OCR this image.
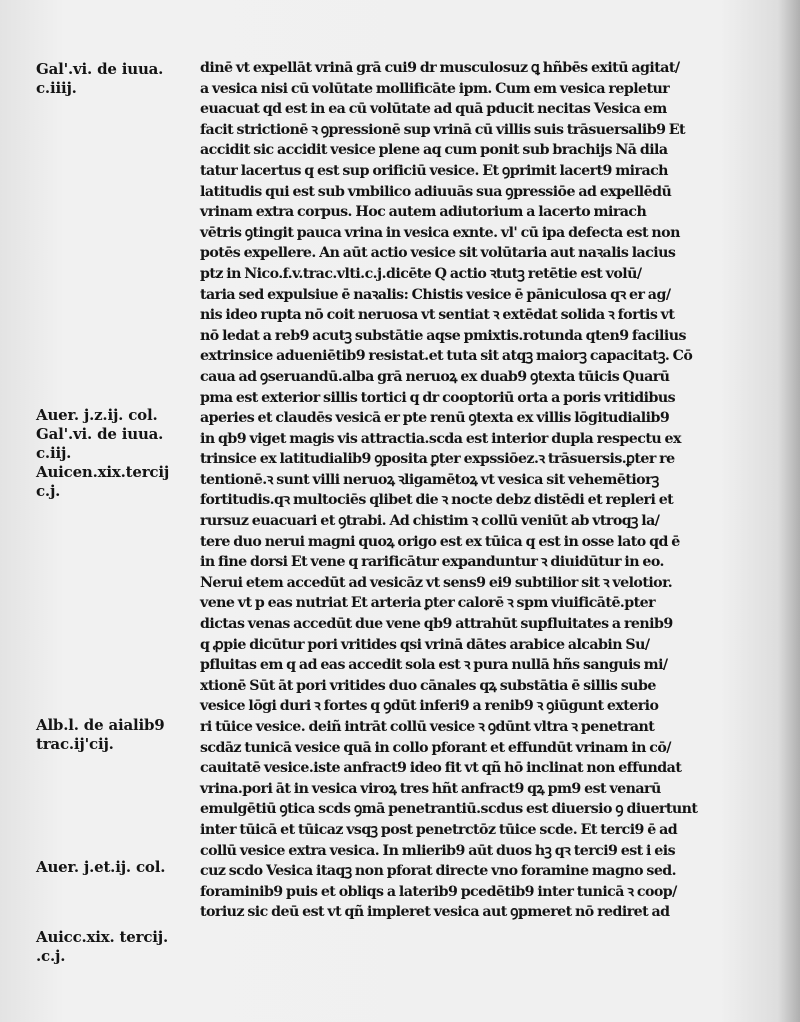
Gal'.vi. de iuua.
c.iiij.
Auer. j.z.ij. col.
Gal'.vi. de iuua.
c.iij.
Auicen.xix.tercij
c.j.
Alb.l. de aialib9
trac.ij'cij.
Auer. j.et.ij. col.
Auicc.xix. tercij.
.c.j.
dinē vt expellāt vrinā grā cui9 dr musculosuz ꝗ hñbēs exitū agitat/
a vesica nisi cū volūtate mollificāte ipm. Cum em vesica repletur
euacuat qd est in ea cū volūtate ad quā pducit necitas Vesica em
facit strictionē ꝛ ꝯpressionē sup vrinā cū villis suis trāsuersalib9 Et
accidit sic accidit vesice plene aq cum ponit sub brachijs Nā dila
tatur lacertus q est sup orificiū vesice. Et ꝯprimit lacert9 mirach
latitudis qui est sub vmbilico adiuuās sua ꝯpressiōe ad expellēdū
vrinam extra corpus. Hoc autem adiutorium a lacerto mirach
vētris ꝯtingit pauca vrina in vesica exnte. vl' cū ipa defecta est non
potēs expellere. An aūt actio vesice sit volūtaria aut naꝛalis lacius
ptz in Nico.f.v.trac.vlti.c.j.dicēte Q actio ꝛtutꝫ retētie est volū/
taria sed expulsiue ē naꝛalis: Chistis vesice ē pāniculosa qꝛ er ag/
nis ideo rupta nō coit neruosa vt sentiat ꝛ extēdat solida ꝛ fortis vt
nō ledat a reb9 acutꝫ substātie aqse pmixtis.rotunda qten9 facilius
extrinsice adueniētib9 resistat.et tuta sit atqꝫ maiorꝫ capacitatꝫ. Cō
caua ad ꝯseruandū.alba grā neruoꝝ ex duab9 ꝯtexta tūicis Quarū
pma est exterior sillis tortici q dr cooptoriū orta a poris vritidibus
aperies et claudēs vesicā er pte renū ꝯtexta ex villis lōgitudialib9
in qb9 viget magis vis attractia.scda est interior dupla respectu ex
trinsice ex latitudialib9 ꝯposita ꝑter expssiōez.ꝛ trāsuersis.ꝑter re
tentionē.ꝛ sunt villi neruoꝝ ꝛligamētoꝝ vt vesica sit vehemētiorꝫ
fortitudis.qꝛ multociēs qlibet die ꝛ nocte debz distēdi et repleri et
rursuz euacuari et ꝯtrabi. Ad chistim ꝛ collū veniūt ab vtroqꝫ la/
tere duo nerui magni quoꝝ origo est ex tūica q est in osse lato qd ē
in fine dorsi Et vene q rarificātur expanduntur ꝛ diuidūtur in eo.
Nerui etem accedūt ad vesicāz vt sens9 ei9 subtilior sit ꝛ velotior.
vene vt p eas nutriat Et arteria ꝑter calorē ꝛ spm viuificātē.pter
dictas venas accedūt due vene qb9 attrahūt supfluitates a renib9
q ꝓpie dicūtur pori vritides qsi vrinā dātes arabice alcabin Su/
pfluitas em q ad eas accedit sola est ꝛ pura nullā hñs sanguis mi/
xtionē Sūt āt pori vritides duo cānales qꝝ substātia ē sillis sube
vesice lōgi duri ꝛ fortes q ꝯdūt inferi9 a renib9 ꝛ ꝯiūgunt exterio
ri tūice vesice. deiñ intrāt collū vesice ꝛ ꝯdūnt vltra ꝛ penetrant
scdāz tunicā vesice quā in collo pforant et effundūt vrinam in cō/
cauitatē vesice.iste anfract9 ideo fit vt qñ hō inclinat non effundat
vrina.pori āt in vesica viroꝝ tres hñt anfract9 qꝝ pm9 est venarū
emulgētiū ꝯtica scds ꝯmā penetrantiū.scdus est diuersio ꝯ diuertunt
inter tūicā et tūicaz vsqꝫ post penetrctōz tūice scde. Et terci9 ē ad
collū vesice extra vesica. In mlierib9 aūt duos hꝫ qꝛ terci9 est i eis
cuz scdo Vesica itaqꝫ non pforat directe vno foramine magno sed.
foraminib9 puis et obliqs a laterib9 pcedētib9 inter tunicā ꝛ coop/
toriuz sic deū est vt qñ impleret vesica aut ꝯpmeret nō rediret ad
